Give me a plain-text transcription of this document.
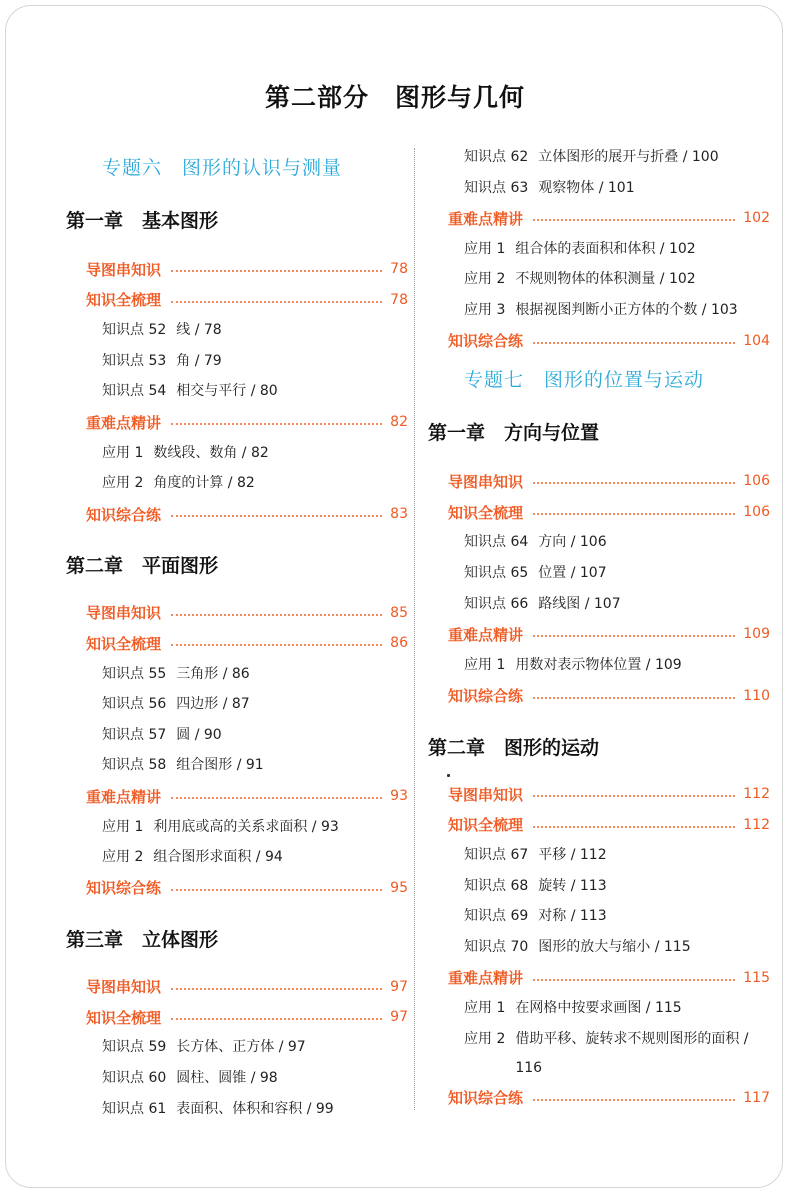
第二部分　图形与几何
专题六　图形的认识与测量
第一章　基本图形
导图串知识	78
知识全梳理	78
知识点 52 线 / 78
知识点 53 角 / 79
知识点 54 相交与平行 / 80
重难点精讲	82
应用 1 数线段、数角 / 82
应用 2 角度的计算 / 82
知识综合练	83
第二章　平面图形
导图串知识	85
知识全梳理	86
知识点 55 三角形 / 86
知识点 56 四边形 / 87
知识点 57 圆 / 90
知识点 58 组合图形 / 91
重难点精讲	93
应用 1 利用底或高的关系求面积 / 93
应用 2 组合图形求面积 / 94
知识综合练	95
第三章　立体图形
导图串知识	97
知识全梳理	97
知识点 59 长方体、正方体 / 97
知识点 60 圆柱、圆锥 / 98
知识点 61 表面积、体积和容积 / 99
知识点 62 立体图形的展开与折叠 / 100
知识点 63 观察物体 / 101
重难点精讲	102
应用 1 组合体的表面积和体积 / 102
应用 2 不规则物体的体积测量 / 102
应用 3 根据视图判断小正方体的个数 / 103
知识综合练	104
专题七　图形的位置与运动
第一章　方向与位置
导图串知识	106
知识全梳理	106
知识点 64 方向 / 106
知识点 65 位置 / 107
知识点 66 路线图 / 107
重难点精讲	109
应用 1 用数对表示物体位置 / 109
知识综合练	110
第二章　图形的运动
导图串知识	112
知识全梳理	112
知识点 67 平移 / 112
知识点 68 旋转 / 113
知识点 69 对称 / 113
知识点 70 图形的放大与缩小 / 115
重难点精讲	115
应用 1 在网格中按要求画图 / 115
应用 2 借助平移、旋转求不规则图形的面积 / 116
知识综合练	117
